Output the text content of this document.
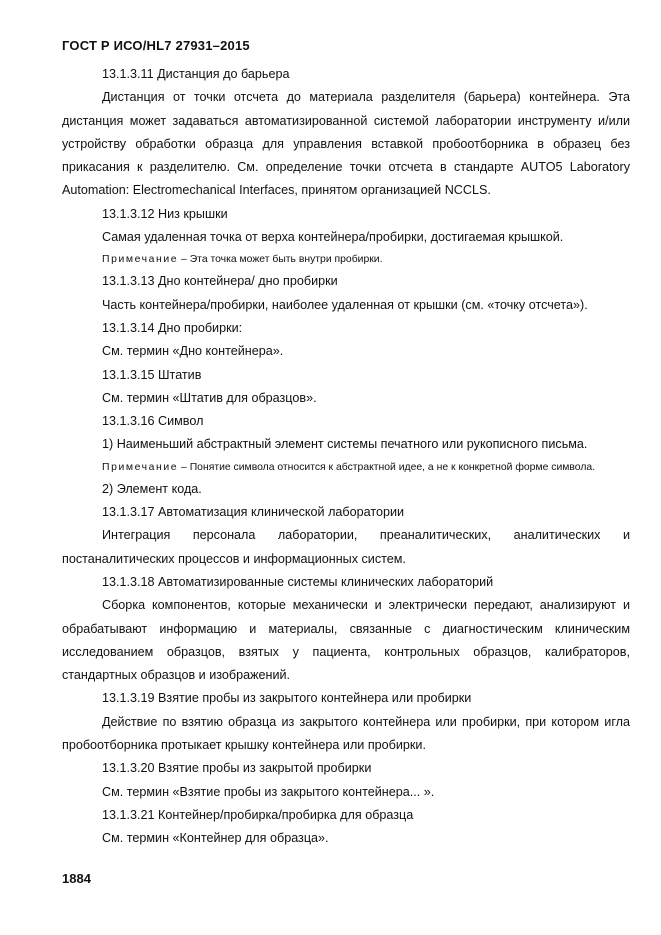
ГОСТ Р ИСО/HL7 27931–2015

13.1.3.11 Дистанция до барьера

Дистанция от точки отсчета до материала разделителя (барьера) контейнера. Эта дистанция может задаваться автоматизированной системой лаборатории инструменту и/или устройству обработки образца для управления вставкой пробоотборника в образец без прикасания к разделителю. См. определение точки отсчета в стандарте AUTO5 Laboratory Automation: Electromechanical Interfaces, принятом организацией NCCLS.

13.1.3.12 Низ крышки

Самая удаленная точка от верха контейнера/пробирки, достигаемая крышкой.

Примечание – Эта точка может быть внутри пробирки.

13.1.3.13 Дно контейнера/ дно пробирки

Часть контейнера/пробирки, наиболее удаленная от крышки (см. «точку отсчета»).

13.1.3.14 Дно пробирки:

См. термин «Дно контейнера».

13.1.3.15 Штатив

См. термин «Штатив для образцов».

13.1.3.16 Символ

1) Наименьший абстрактный элемент системы печатного или рукописного письма.

Примечание – Понятие символа относится к абстрактной идее, а не к конкретной форме символа.

2) Элемент кода.

13.1.3.17 Автоматизация клинической лаборатории

Интеграция персонала лаборатории, преаналитических, аналитических и постаналитических процессов и информационных систем.

13.1.3.18 Автоматизированные системы клинических лабораторий

Сборка компонентов, которые механически и электрически передают, анализируют и обрабатывают информацию и материалы, связанные с диагностическим клиническим исследованием образцов, взятых у пациента, контрольных образцов, калибраторов, стандартных образцов и изображений.

13.1.3.19 Взятие пробы из закрытого контейнера или пробирки

Действие по взятию образца из закрытого контейнера или пробирки, при котором игла пробоотборника протыкает крышку контейнера или пробирки.

13.1.3.20 Взятие пробы из закрытой пробирки

См. термин «Взятие пробы из закрытого контейнера... ».

13.1.3.21 Контейнер/пробирка/пробирка для образца

См. термин «Контейнер для образца».

1884
